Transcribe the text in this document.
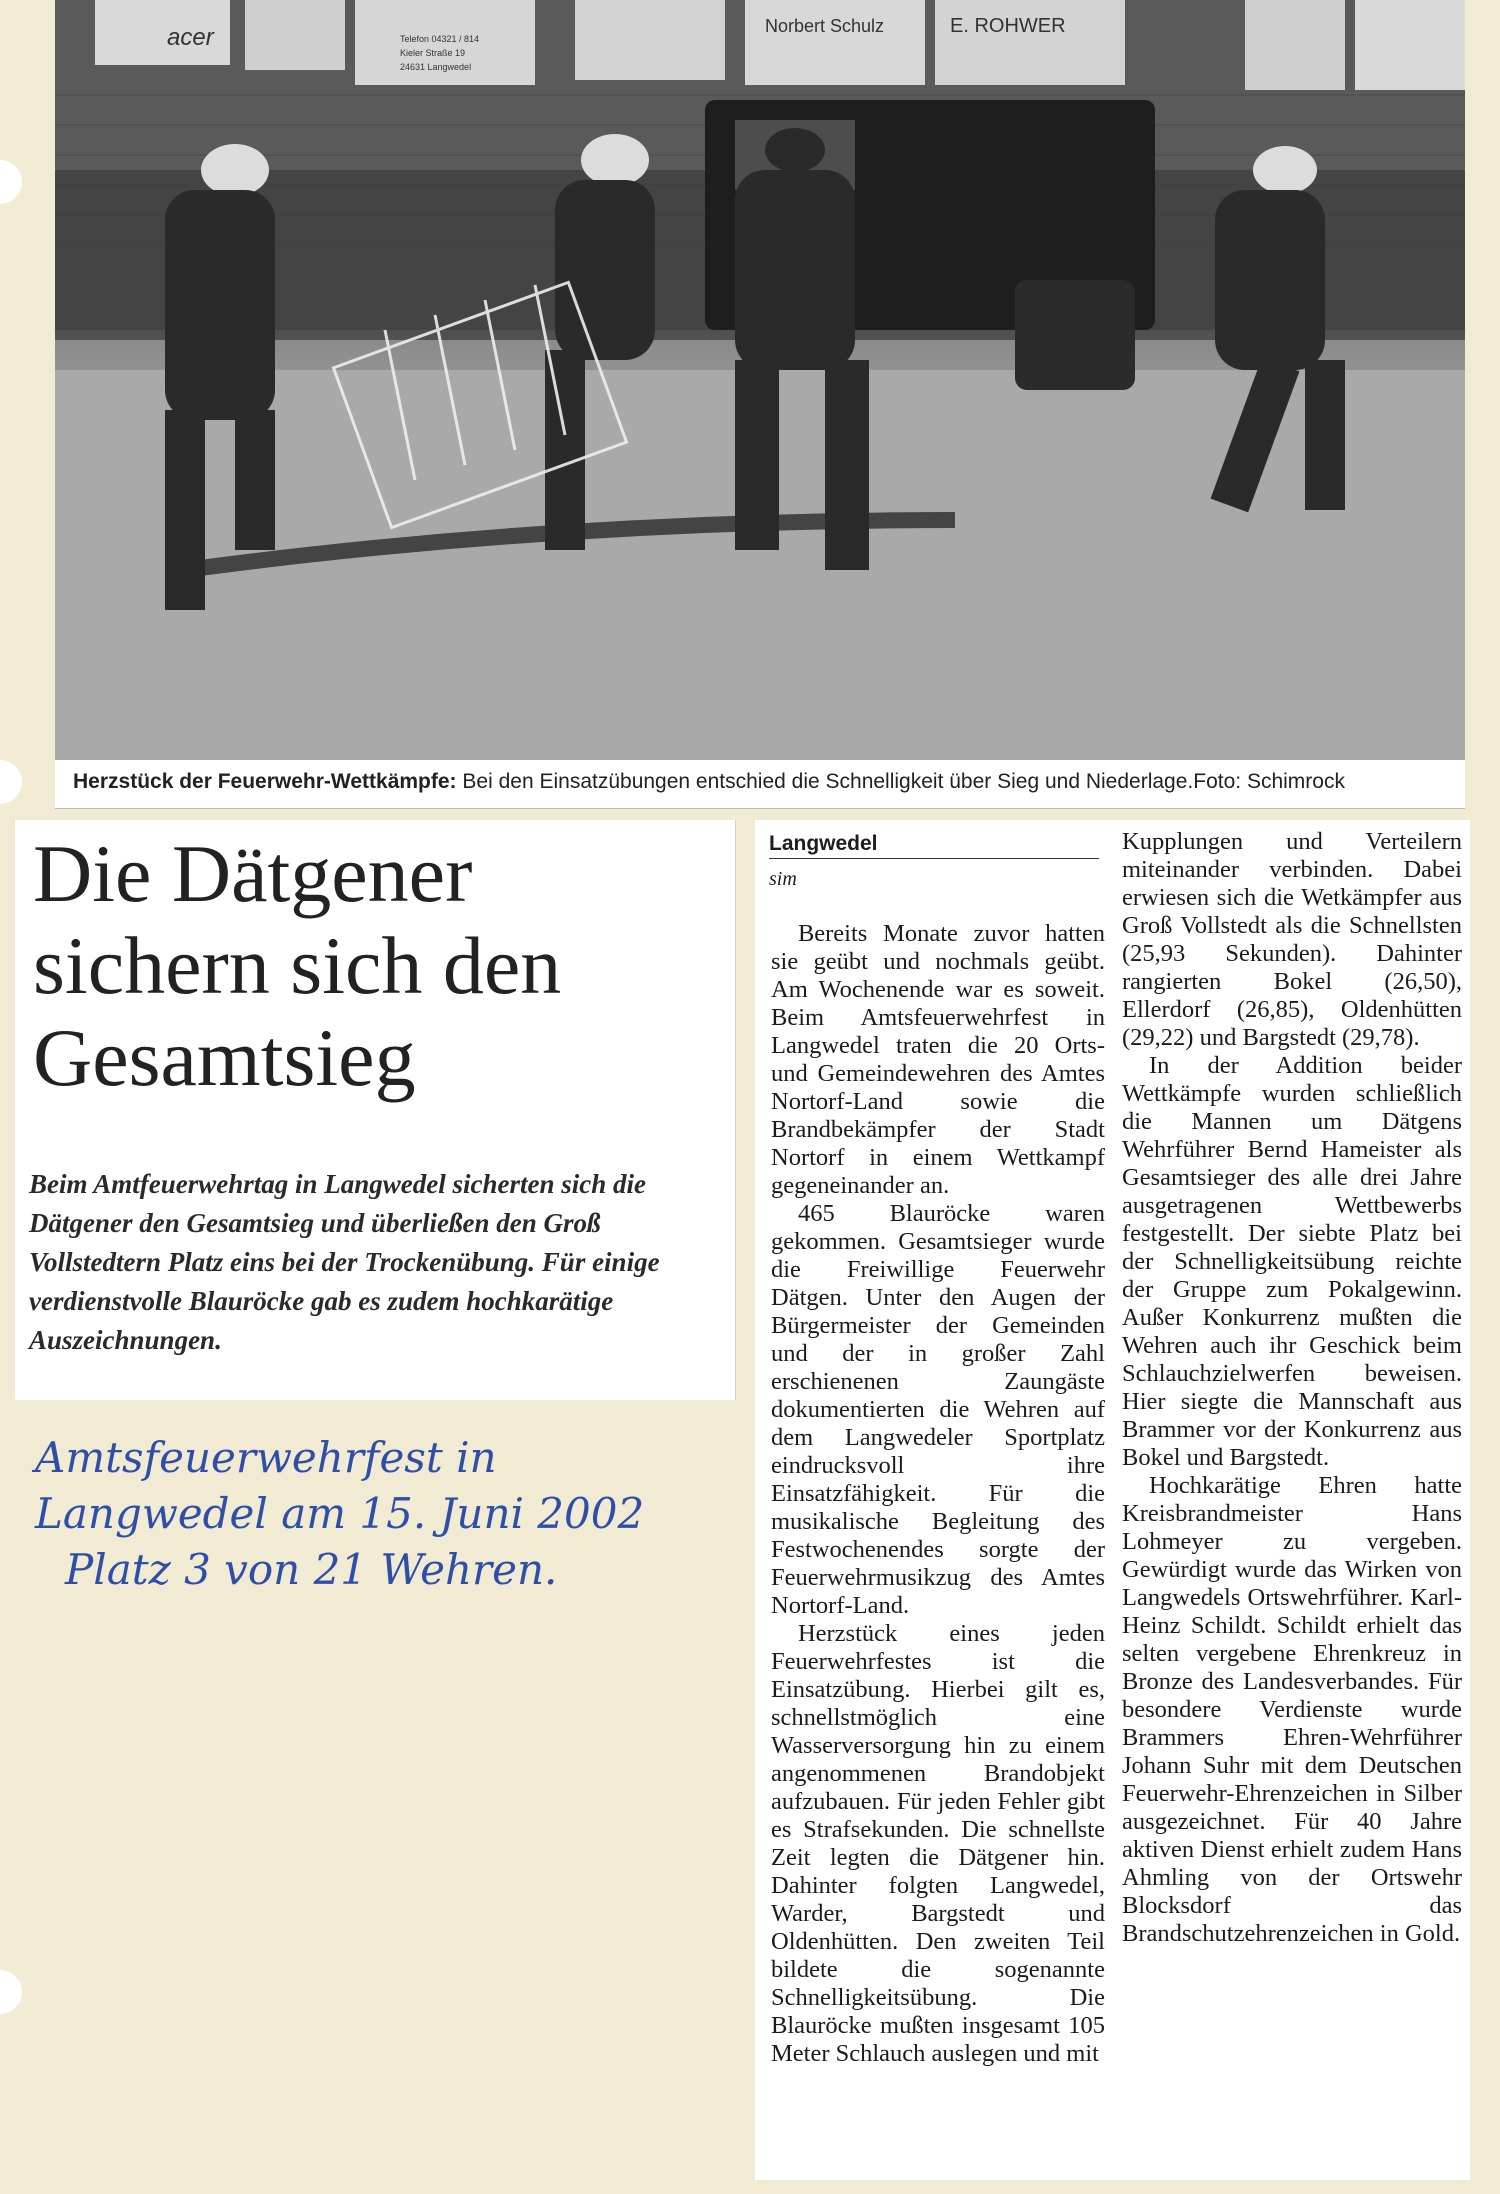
acer	Telefon 04321 / 814
Kieler Straße 19
24631 Langwedel
Norbert Schulz	E. ROHWER
Herzstück der Feuerwehr-Wettkämpfe: Bei den Einsatzübungen entschied die Schnelligkeit über Sieg und Niederlage.Foto: Schimrock
Die Dätgener
sichern sich den
Gesamtsieg
Beim Amtfeuerwehrtag in Langwedel sicherten sich die Dätgener den Gesamtsieg und überließen den Groß Vollstedtern Platz eins bei der Trockenübung. Für einige verdienstvolle Blauröcke gab es zudem hochkarätige Auszeichnungen.
Amtsfeuerwehrfest in
Langwedel am 15. Juni 2002
Platz 3 von 21 Wehren.
Langwedel
sim

Bereits Monate zuvor hatten sie geübt und nochmals geübt. Am Wochenende war es soweit. Beim Amtsfeuerwehrfest in Langwedel traten die 20 Orts- und Gemeindewehren des Amtes Nortorf-Land sowie die Brandbekämpfer der Stadt Nortorf in einem Wettkampf gegeneinander an.

465 Blauröcke waren gekommen. Gesamtsieger wurde die Freiwillige Feuerwehr Dätgen. Unter den Augen der Bürgermeister der Gemeinden und der in großer Zahl erschienenen Zaungäste dokumentierten die Wehren auf dem Langwedeler Sportplatz eindrucksvoll ihre Einsatzfähigkeit. Für die musikalische Begleitung des Festwochenendes sorgte der Feuerwehrmusikzug des Amtes Nortorf-Land.

Herzstück eines jeden Feuerwehrfestes ist die Einsatzübung. Hierbei gilt es, schnellstmöglich eine Wasserversorgung hin zu einem angenommenen Brandobjekt aufzubauen. Für jeden Fehler gibt es Strafsekunden. Die schnellste Zeit legten die Dätgener hin. Dahinter folgten Langwedel, Warder, Bargstedt und Oldenhütten. Den zweiten Teil bildete die sogenannte Schnelligkeitsübung. Die Blauröcke mußten insgesamt 105 Meter Schlauch auslegen und mit

Kupplungen und Verteilern miteinander verbinden. Dabei erwiesen sich die Wetkämpfer aus Groß Vollstedt als die Schnellsten (25,93 Sekunden). Dahinter rangierten Bokel (26,50), Ellerdorf (26,85), Oldenhütten (29,22) und Bargstedt (29,78).

In der Addition beider Wettkämpfe wurden schließlich die Mannen um Dätgens Wehrführer Bernd Hameister als Gesamtsieger des alle drei Jahre ausgetragenen Wettbewerbs festgestellt. Der siebte Platz bei der Schnelligkeitsübung reichte der Gruppe zum Pokalgewinn. Außer Konkurrenz mußten die Wehren auch ihr Geschick beim Schlauchzielwerfen beweisen. Hier siegte die Mannschaft aus Brammer vor der Konkurrenz aus Bokel und Bargstedt.

Hochkarätige Ehren hatte Kreisbrandmeister Hans Lohmeyer zu vergeben. Gewürdigt wurde das Wirken von Langwedels Ortswehrführer. Karl-Heinz Schildt. Schildt erhielt das selten vergebene Ehrenkreuz in Bronze des Landesverbandes. Für besondere Verdienste wurde Brammers Ehren-Wehrführer Johann Suhr mit dem Deutschen Feuerwehr-Ehrenzeichen in Silber ausgezeichnet. Für 40 Jahre aktiven Dienst erhielt zudem Hans Ahmling von der Ortswehr Blocksdorf das Brandschutzehrenzeichen in Gold.
